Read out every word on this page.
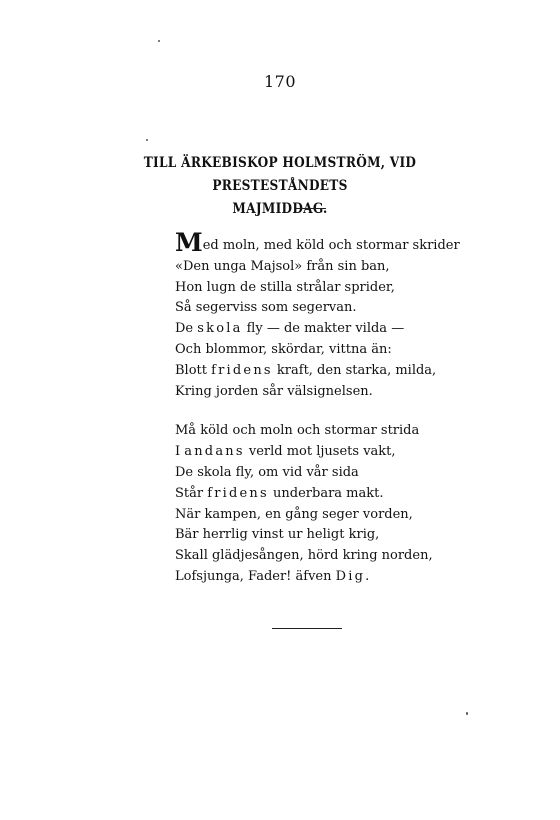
170
TILL ÄRKEBISKOP HOLMSTRÖM, VID PRESTESTÅNDETS
MAJMIDDAG.
Med moln, med köld och stormar skrider
«Den unga Majsol» från sin ban,
Hon lugn de stilla strålar sprider,
Så segerviss som segervan.
De skola fly — de makter vilda —
Och blommor, skördar, vittna än:
Blott fridens kraft, den starka, milda,
Kring jorden sår välsignelsen.
Må köld och moln och stormar strida
I andans verld mot ljusets vakt,
De skola fly, om vid vår sida
Står fridens underbara makt.
När kampen, en gång seger vorden,
Bär herrlig vinst ur heligt krig,
Skall glädjesången, hörd kring norden,
Lofsjunga, Fader! äfven Dig.
